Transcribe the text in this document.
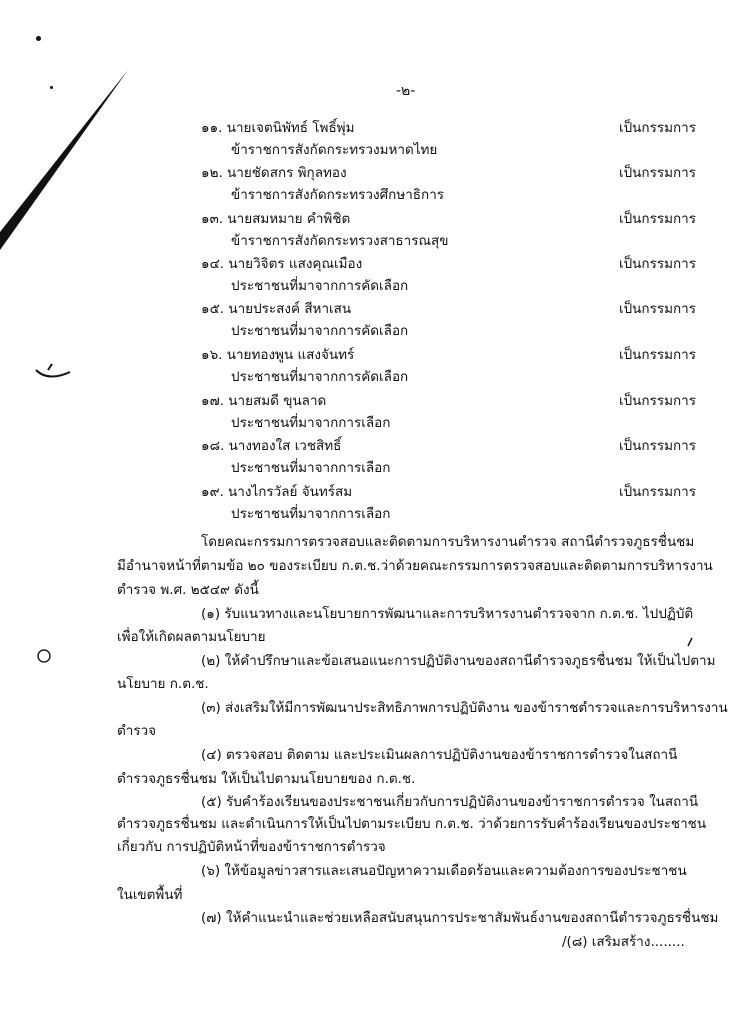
-๒-
๑๑. นายเจตนิพัทธ์ โพธิ์พุ่ม	เป็นกรรมการ
ข้าราชการสังกัดกระทรวงมหาดไทย
๑๒. นายชัดสกร พิกุลทอง	เป็นกรรมการ
ข้าราชการสังกัดกระทรวงศึกษาธิการ
๑๓. นายสมหมาย คำพิชิต	เป็นกรรมการ
ข้าราชการสังกัดกระทรวงสาธารณสุข
๑๔. นายวิจิตร แสงคุณเมือง	เป็นกรรมการ
ประชาชนที่มาจากการคัดเลือก
๑๕. นายประสงค์ สีหาเสน	เป็นกรรมการ
ประชาชนที่มาจากการคัดเลือก
๑๖. นายทองพูน แสงจันทร์	เป็นกรรมการ
ประชาชนที่มาจากการคัดเลือก
๑๗. นายสมดี ขุนลาด	เป็นกรรมการ
ประชาชนที่มาจากการเลือก
๑๘. นางทองใส เวชสิทธิ์	เป็นกรรมการ
ประชาชนที่มาจากการเลือก
๑๙. นางไกรวัลย์ จันทร์สม	เป็นกรรมการ
ประชาชนที่มาจากการเลือก
โดยคณะกรรมการตรวจสอบและติดตามการบริหารงานตำรวจ สถานีตำรวจภูธรชื่นชม
มีอำนาจหน้าที่ตามข้อ ๒๐ ของระเบียบ ก.ต.ช.ว่าด้วยคณะกรรมการตรวจสอบและติดตามการบริหารงาน
ตำรวจ พ.ศ. ๒๕๔๙ ดังนี้
(๑) รับแนวทางและนโยบายการพัฒนาและการบริหารงานตำรวจจาก ก.ต.ช. ไปปฏิบัติ
เพื่อให้เกิดผลตามนโยบาย
(๒) ให้คำปรึกษาและข้อเสนอแนะการปฏิบัติงานของสถานีตำรวจภูธรชื่นชม ให้เป็นไปตาม
นโยบาย ก.ต.ช.
(๓) ส่งเสริมให้มีการพัฒนาประสิทธิภาพการปฏิบัติงาน ของข้าราชตำรวจและการบริหารงาน
ตำรวจ
(๔) ตรวจสอบ ติดตาม และประเมินผลการปฏิบัติงานของข้าราชการตำรวจในสถานี
ตำรวจภูธรชื่นชม ให้เป็นไปตามนโยบายของ ก.ต.ช.
(๕) รับคำร้องเรียนของประชาชนเกี่ยวกับการปฏิบัติงานของข้าราชการตำรวจ ในสถานี
ตำรวจภูธรชื่นชม และดำเนินการให้เป็นไปตามระเบียบ ก.ต.ช. ว่าด้วยการรับคำร้องเรียนของประชาชน
เกี่ยวกับ การปฏิบัติหน้าที่ของข้าราชการตำรวจ
(๖) ให้ข้อมูลข่าวสารและเสนอปัญหาความเดือดร้อนและความต้องการของประชาชน
ในเขตพื้นที่
(๗) ให้คำแนะนำและช่วยเหลือสนับสนุนการประชาสัมพันธ์งานของสถานีตำรวจภูธรชื่นชม
/(๘) เสริมสร้าง........
